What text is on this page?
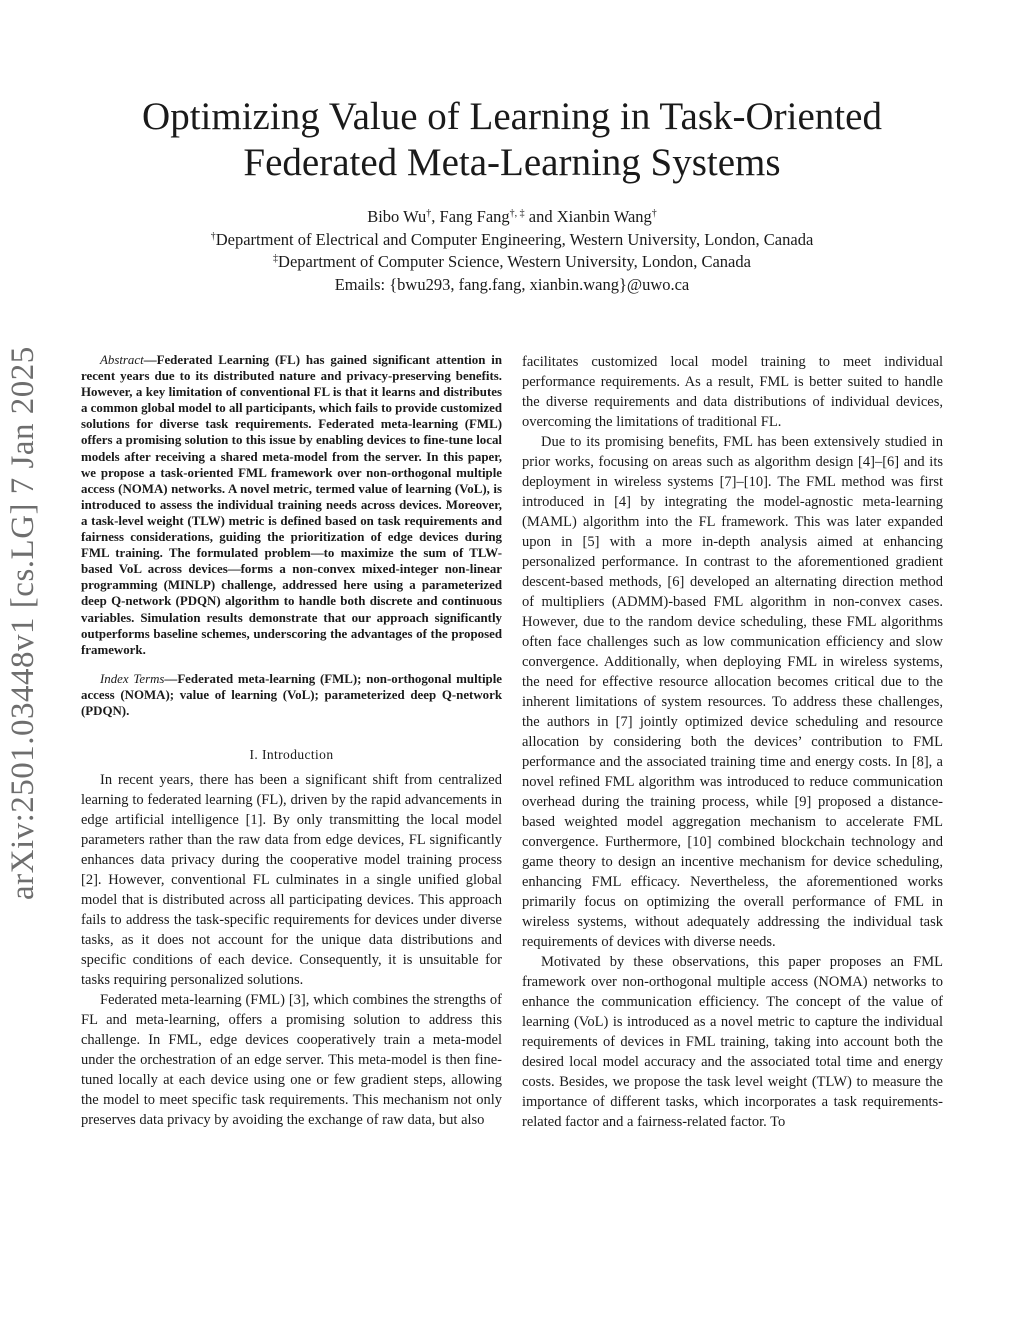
arXiv:2501.03448v1 [cs.LG] 7 Jan 2025
Optimizing Value of Learning in Task-Oriented
Federated Meta-Learning Systems
Bibo Wu†, Fang Fang†, ‡ and Xianbin Wang†
†Department of Electrical and Computer Engineering, Western University, London, Canada
‡Department of Computer Science, Western University, London, Canada
Emails: {bwu293, fang.fang, xianbin.wang}@uwo.ca

Abstract—Federated Learning (FL) has gained significant attention in recent years due to its distributed nature and privacy-preserving benefits. However, a key limitation of conventional FL is that it learns and distributes a common global model to all participants, which fails to provide customized solutions for diverse task requirements. Federated meta-learning (FML) offers a promising solution to this issue by enabling devices to fine-tune local models after receiving a shared meta-model from the server. In this paper, we propose a task-oriented FML framework over non-orthogonal multiple access (NOMA) networks. A novel metric, termed value of learning (VoL), is introduced to assess the individual training needs across devices. Moreover, a task-level weight (TLW) metric is defined based on task requirements and fairness considerations, guiding the prioritization of edge devices during FML training. The formulated problem—to maximize the sum of TLW-based VoL across devices—forms a non-convex mixed-integer non-linear programming (MINLP) challenge, addressed here using a parameterized deep Q-network (PDQN) algorithm to handle both discrete and continuous variables. Simulation results demonstrate that our approach significantly outperforms baseline schemes, underscoring the advantages of the proposed framework.

Index Terms—Federated meta-learning (FML); non-orthogonal multiple access (NOMA); value of learning (VoL); parameterized deep Q-network (PDQN).

I. Introduction

In recent years, there has been a significant shift from centralized learning to federated learning (FL), driven by the rapid advancements in edge artificial intelligence [1]. By only transmitting the local model parameters rather than the raw data from edge devices, FL significantly enhances data privacy during the cooperative model training process [2]. However, conventional FL culminates in a single unified global model that is distributed across all participating devices. This approach fails to address the task-specific requirements for devices under diverse tasks, as it does not account for the unique data distributions and specific conditions of each device. Consequently, it is unsuitable for tasks requiring personalized solutions.

Federated meta-learning (FML) [3], which combines the strengths of FL and meta-learning, offers a promising solution to address this challenge. In FML, edge devices cooperatively train a meta-model under the orchestration of an edge server. This meta-model is then fine-tuned locally at each device using one or few gradient steps, allowing the model to meet specific task requirements. This mechanism not only preserves data privacy by avoiding the exchange of raw data, but also

facilitates customized local model training to meet individual performance requirements. As a result, FML is better suited to handle the diverse requirements and data distributions of individual devices, overcoming the limitations of traditional FL.

Due to its promising benefits, FML has been extensively studied in prior works, focusing on areas such as algorithm design [4]–[6] and its deployment in wireless systems [7]–[10]. The FML method was first introduced in [4] by integrating the model-agnostic meta-learning (MAML) algorithm into the FL framework. This was later expanded upon in [5] with a more in-depth analysis aimed at enhancing personalized performance. In contrast to the aforementioned gradient descent-based methods, [6] developed an alternating direction method of multipliers (ADMM)-based FML algorithm in non-convex cases. However, due to the random device scheduling, these FML algorithms often face challenges such as low communication efficiency and slow convergence. Additionally, when deploying FML in wireless systems, the need for effective resource allocation becomes critical due to the inherent limitations of system resources. To address these challenges, the authors in [7] jointly optimized device scheduling and resource allocation by considering both the devices’ contribution to FML performance and the associated training time and energy costs. In [8], a novel refined FML algorithm was introduced to reduce communication overhead during the training process, while [9] proposed a distance-based weighted model aggregation mechanism to accelerate FML convergence. Furthermore, [10] combined blockchain technology and game theory to design an incentive mechanism for device scheduling, enhancing FML efficacy. Nevertheless, the aforementioned works primarily focus on optimizing the overall performance of FML in wireless systems, without adequately addressing the individual task requirements of devices with diverse needs.

Motivated by these observations, this paper proposes an FML framework over non-orthogonal multiple access (NOMA) networks to enhance the communication efficiency. The concept of the value of learning (VoL) is introduced as a novel metric to capture the individual requirements of devices in FML training, taking into account both the desired local model accuracy and the associated total time and energy costs. Besides, we propose the task level weight (TLW) to measure the importance of different tasks, which incorporates a task requirements-related factor and a fairness-related factor. To
